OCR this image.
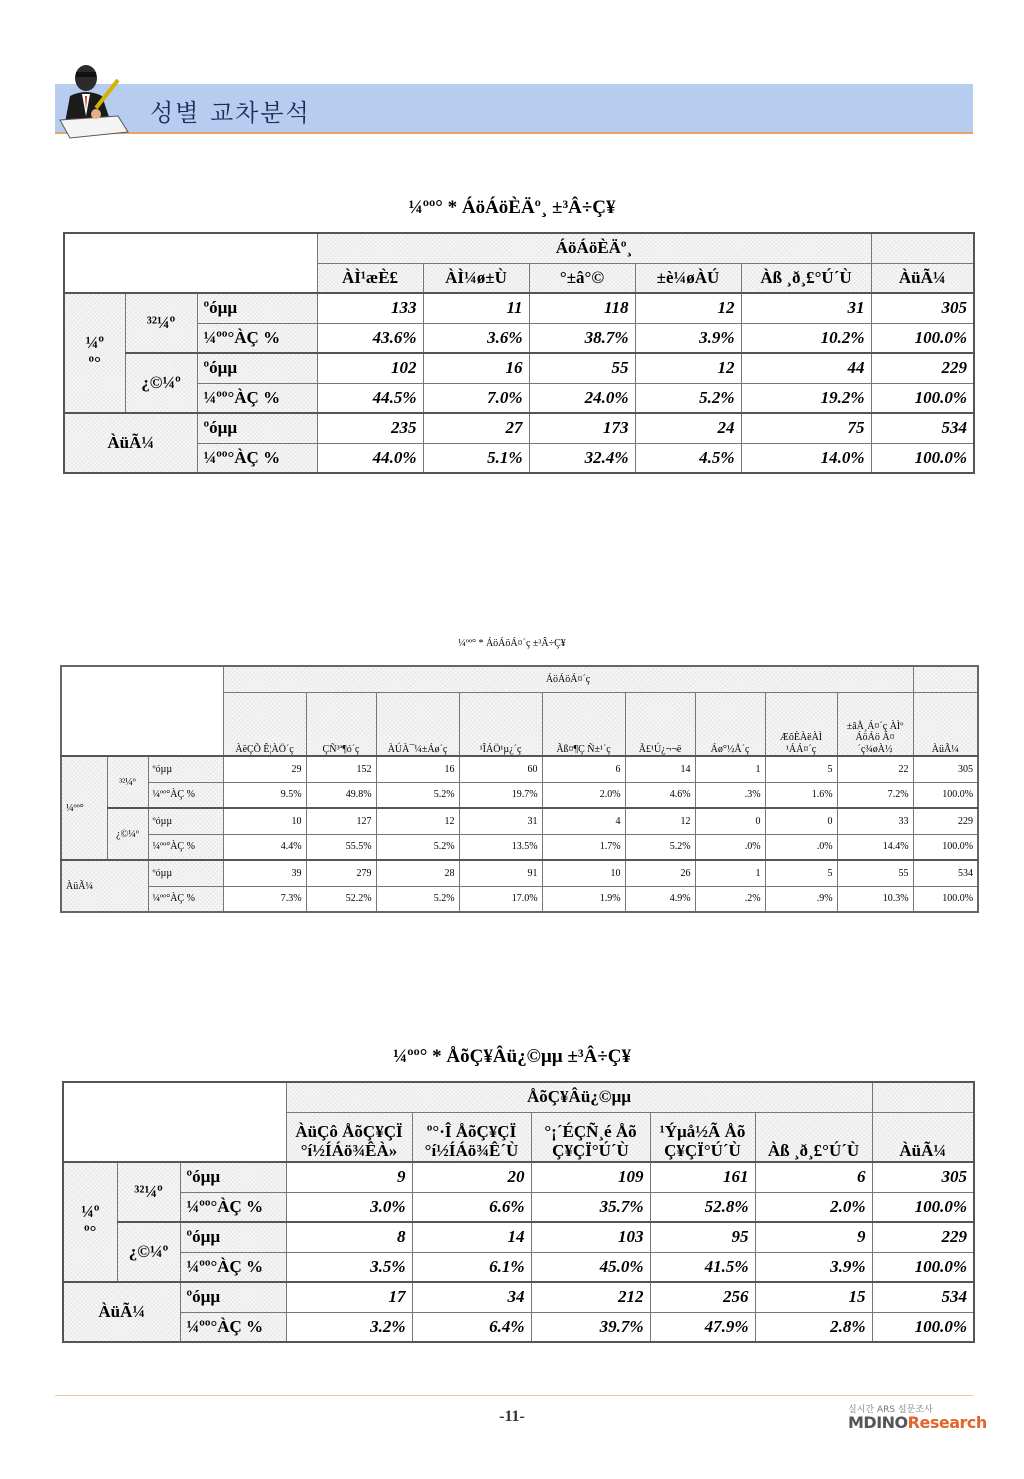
성별 교차분석
¼ºº° * ÁöÁöÈÄº¸ ±³Â÷Ç¥
			ÁöÁöÈÄº¸					
			ÀÌ¹æÈ£	ÀÌ¼ø±Ù	°±â°©	±è¼øÀÚ	Àß ¸ð¸£°Ú´Ù	ÀüÃ¼
¼º
º°	³²¼º	ºóµµ	133	11	118	12	31	305
		¼ºº°ÀÇ %	43.6%	3.6%	38.7%	3.9%	10.2%	100.0%
	¿©¼º	ºóµµ	102	16	55	12	44	229
		¼ºº°ÀÇ %	44.5%	7.0%	24.0%	5.2%	19.2%	100.0%
ÀüÃ¼		ºóµµ	235	27	173	24	75	534
		¼ºº°ÀÇ %	44.0%	5.1%	32.4%	4.5%	14.0%	100.0%
¼ºº° * ÁöÁöÁ¤´ç ±³Â÷Ç¥
			ÁöÁöÁ¤´ç									
			ÀëÇÕ Ê¦ÀÖ´ç	ÇÑ³ª¶ó´ç	ÀÚÀ¯¼±Áø´ç	¹ÎÁÖ¹µ¿´ç	Ãß¤¶Ç Ñ±¹´ç	Ã£¹Ú¿¬¬ë	Áø°½Å´ç	ÆõÈÀëÀÌ ¹ÁÁ¤´ç	±âÅ¸Á¤´ç ÀÌº ÁöÁö Á¤´ç¾øÀ½	ÀüÃ¼
¼ºº°	³²¼º	ºóµµ	29	152	16	60	6	14	1	5	22	305
		¼ºº°ÀÇ %	9.5%	49.8%	5.2%	19.7%	2.0%	4.6%	.3%	1.6%	7.2%	100.0%
	¿©¼º	ºóµµ	10	127	12	31	4	12	0	0	33	229
		¼ºº°ÀÇ %	4.4%	55.5%	5.2%	13.5%	1.7%	5.2%	.0%	.0%	14.4%	100.0%
ÀüÃ¼		ºóµµ	39	279	28	91	10	26	1	5	55	534
		¼ºº°ÀÇ %	7.3%	52.2%	5.2%	17.0%	1.9%	4.9%	.2%	.9%	10.3%	100.0%
¼ºº° * ÅõÇ¥Âü¿©µµ ±³Â÷Ç¥
			ÅõÇ¥Âü¿©µµ					
			ÀüÇô ÅõÇ¥ÇÏ °í½ÍÁö¾ÊÀ»	º°·Î ÅõÇ¥ÇÏ °í½ÍÁö¾Ê´Ù	°¡´ÉÇÑ¸é Åõ Ç¥ÇÏ°Ú´Ù	¹Ýµå½Ã Åõ Ç¥ÇÏ°Ú´Ù	Àß ¸ð¸£°Ú´Ù	ÀüÃ¼
¼º
º°	³²¼º	ºóµµ	9	20	109	161	6	305
		¼ºº°ÀÇ %	3.0%	6.6%	35.7%	52.8%	2.0%	100.0%
	¿©¼º	ºóµµ	8	14	103	95	9	229
		¼ºº°ÀÇ %	3.5%	6.1%	45.0%	41.5%	3.9%	100.0%
ÀüÃ¼		ºóµµ	17	34	212	256	15	534
		¼ºº°ÀÇ %	3.2%	6.4%	39.7%	47.9%	2.8%	100.0%
-11-	실시간 ARS 설문조사
MDINOResearch
